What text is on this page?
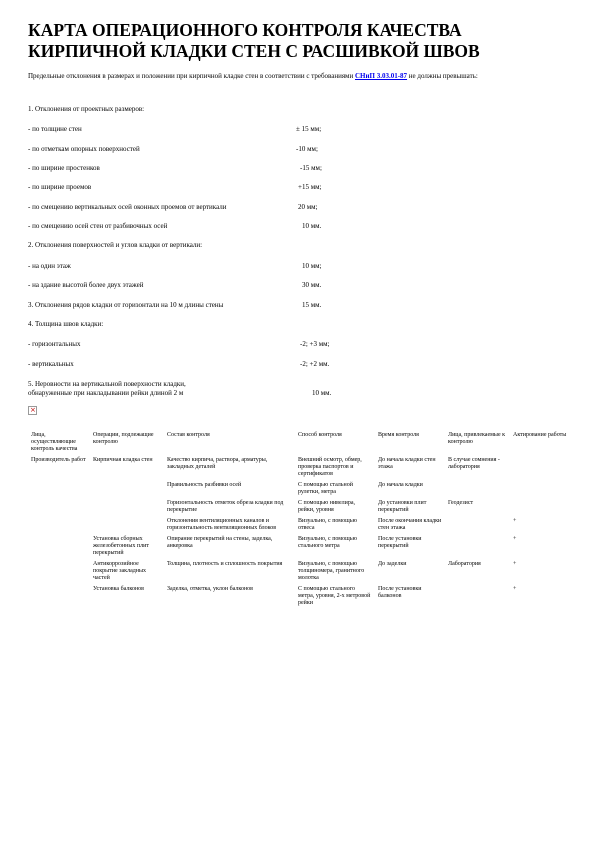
КАРТА ОПЕРАЦИОННОГО КОНТРОЛЯ КАЧЕСТВА КИРПИЧНОЙ КЛАДКИ СТЕН С РАСШИВКОЙ ШВОВ
Предельные отклонения в размерах и положении при кирпичной кладке стен в соответствии с требованиями СНиП 3.03.01-87 не должны превышать:
1. Отклонения от проектных размеров:
- по толщине стен	± 15 мм;
- по отметкам опорных поверхностей	-10 мм;
- по ширине простенков	-15 мм;
- по ширине проемов	+15 мм;
- по смещению вертикальных осей оконных проемов от вертикали	20 мм;
- по смещению осей стен от разбивочных осей	10 мм.
2. Отклонения поверхностей и углов кладки от вертикали:
- на один этаж	10 мм;
- на здание высотой более двух этажей	30 мм.
3. Отклонения рядов кладки от горизонтали на 10 м длины стены	15 мм.
4. Толщина швов кладки:
- горизонтальных	-2; +3 мм;
- вертикальных	-2; +2 мм.
5. Неровности на вертикальной поверхности кладки,
обнаруженные при накладывании рейки длиной 2 м	10 мм.
×
Лица, осуществляющие контроль качества	Операции, подлежащие контролю	Состав контроля	Способ контроля	Время контроля	Лица, привлекаемые к контролю	Актирование работы
Производитель работ	Кирпичная кладка стен	Качество кирпича, раствора, арматуры, закладных деталей	Внешний осмотр, обмер, проверка паспортов и сертификатов	До начала кладки стен этажа	В случае сомнения - лаборатория	
		Правильность разбивки осей	С помощью стальной рулетки, метра	До начала кладки		
		Горизонтальность отметок обреза кладки под перекрытие	С помощью нивелира, рейки, уровня	До установки плит перекрытий	Геодезист	
		Отклонения вентиляционных каналов и горизонтальность вентиляционных блоков	Визуально, с помощью отвеса	После окончания кладки стен этажа		+
	Установка сборных железобетонных плит перекрытий	Опирание перекрытий на стены, заделка, анкеровка	Визуально, с помощью стального метра	После установки перекрытий		+
	Антикоррозийное покрытие закладных частей	Толщина, плотность и сплошность покрытия	Визуально, с помощью толщиномера, гранитного молотка	До заделки	Лаборатория	+
	Установка балконов	Заделка, отметка, уклон балконов	С помощью стального метра, уровня, 2-х метровой рейки	После установки балконов		+
